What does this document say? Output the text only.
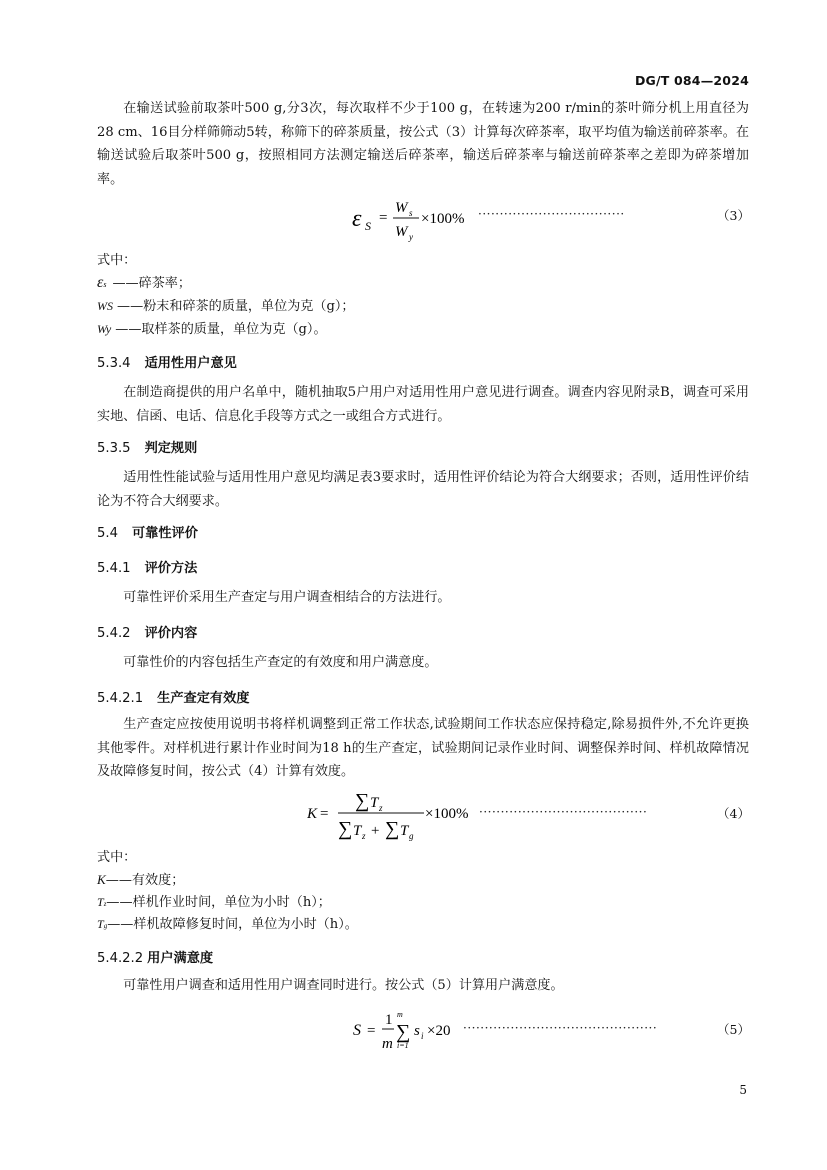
DG/T 084—2024
在输送试验前取茶叶500 g,分3次，每次取样不少于100 g，在转速为200 r/min的茶叶筛分机上用直径为28 cm、16目分样筛筛动5转，称筛下的碎茶质量，按公式（3）计算每次碎茶率，取平均值为输送前碎茶率。在输送试验后取茶叶500 g，按照相同方法测定输送后碎茶率，输送后碎茶率与输送前碎茶率之差即为碎茶增加率。
ε S =
W s
W y
×100% ··································	（3）
式中：
εs ——碎茶率；
WS ——粉末和碎茶的质量，单位为克（g）；
Wy ——取样茶的质量，单位为克（g）。
5.3.4 适用性用户意见
在制造商提供的用户名单中，随机抽取5户用户对适用性用户意见进行调查。调查内容见附录B，调查可采用实地、信函、电话、信息化手段等方式之一或组合方式进行。
5.3.5 判定规则
适用性性能试验与适用性用户意见均满足表3要求时，适用性评价结论为符合大纲要求；否则，适用性评价结论为不符合大纲要求。
5.4 可靠性评价
5.4.1 评价方法
可靠性评价采用生产查定与用户调查相结合的方法进行。
5.4.2 评价内容
可靠性价的内容包括生产查定的有效度和用户满意度。
5.4.2.1 生产查定有效度
生产查定应按使用说明书将样机调整到正常工作状态,试验期间工作状态应保持稳定,除易损件外,不允许更换其他零件。对样机进行累计作业时间为18 h的生产查定，试验期间记录作业时间、调整保养时间、样机故障情况及故障修复时间，按公式（4）计算有效度。
K =
∑ T z
∑ T z + ∑ T g
×100% ·······································	（4）
式中：
K——有效度；
Tz——样机作业时间，单位为小时（h）；
Tg——样机故障修复时间，单位为小时（h）。
5.4.2.2 用户满意度
可靠性用户调查和适用性用户调查同时进行。按公式（5）计算用户满意度。
S =
1
m
m
∑
i=1
s i ×20 ·············································	（5）
5
